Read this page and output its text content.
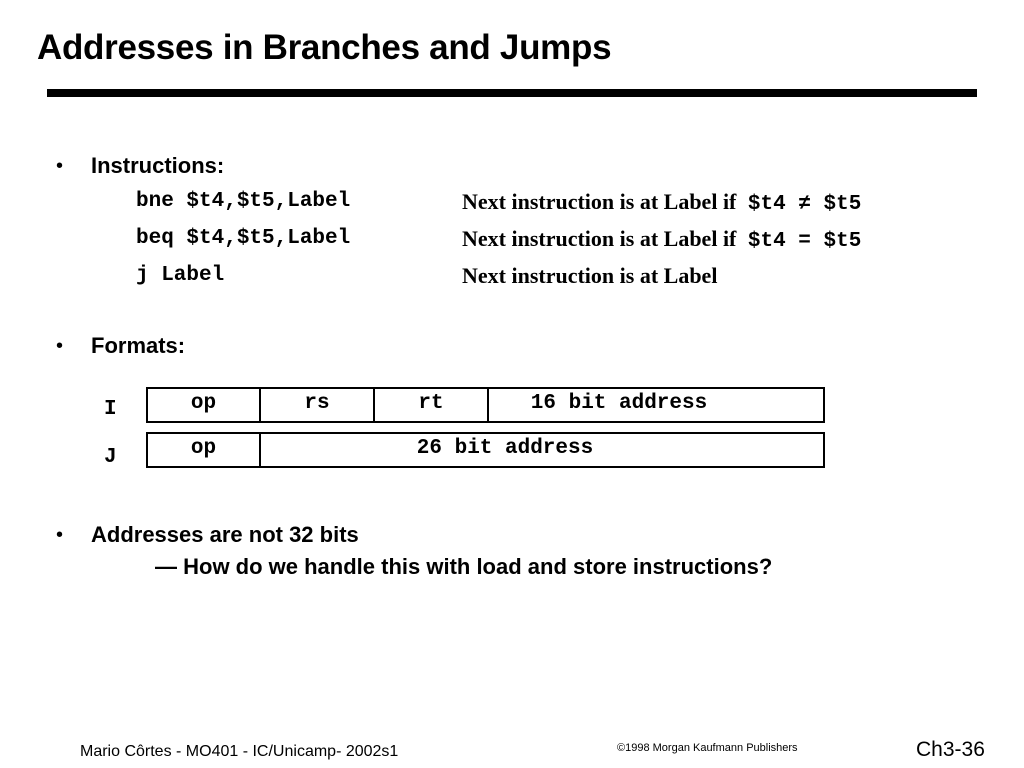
Addresses in Branches and Jumps
• Instructions:
bne $t4,$t5,Label	Next instruction is at Label if $t4 ≠ $t5
beq $t4,$t5,Label	Next instruction is at Label if $t4 = $t5
j Label	Next instruction is at Label
• Formats:
I	op	rs	rt	16 bit address
J	op	26 bit address
• Addresses are not 32 bits
— How do we handle this with load and store instructions?
Mario Côrtes - MO401 - IC/Unicamp- 2002s1	©1998 Morgan Kaufmann Publishers	Ch3-36
